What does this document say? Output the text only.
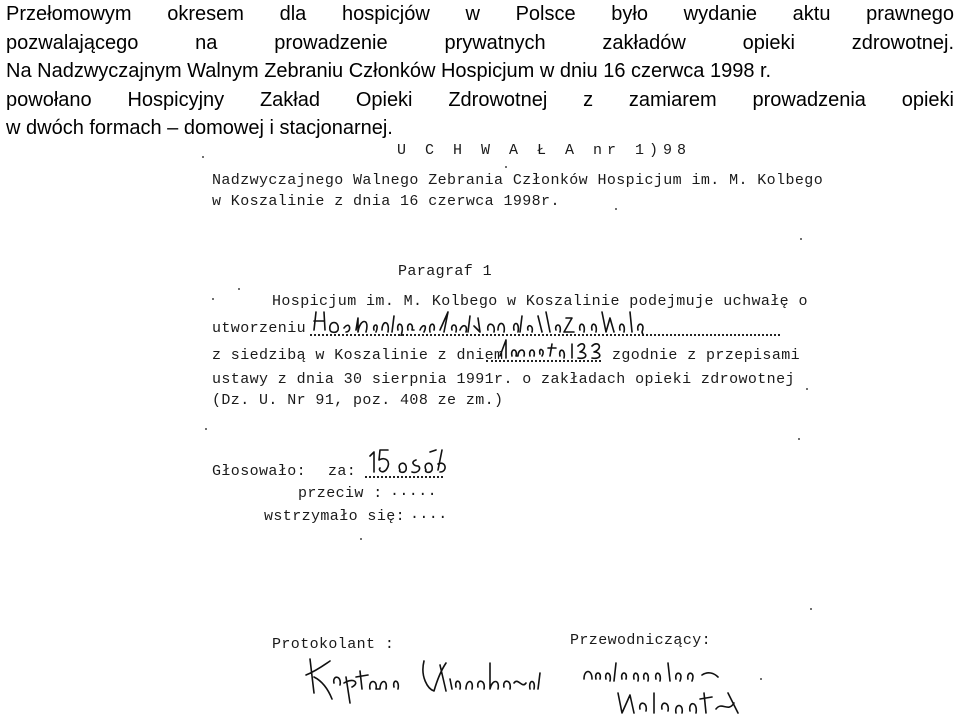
Przełomowym okresem dla hospicjów w Polsce było wydanie aktu prawnego
pozwalającego na prowadzenie prywatnych zakładów opieki zdrowotnej.
Na Nadzwyczajnym Walnym Zebraniu Członków Hospicjum w dniu 16 czerwca 1998 r.
powołano Hospicyjny Zakład Opieki Zdrowotnej z zamiarem prowadzenia opieki
w dwóch formach – domowej i stacjonarnej.

U C H W A Ł A nr 1)98

Nadzwyczajnego Walnego Zebrania Członków Hospicjum im. M. Kolbego

w Koszalinie z dnia 16 czerwca 1998r.

Paragraf 1

Hospicjum im. M. Kolbego w Koszalinie podejmuje uchwałę o

utworzeniu

z siedzibą w Koszalinie z dniem	zgodnie z przepisami

ustawy z dnia 30 sierpnia 1991r. o zakładach opieki zdrowotnej

(Dz. U. Nr 91, poz. 408 ze zm.)

Głosowało: za:

przeciw : .....

wstrzymało się: ....

Protokolant :	Przewodniczący:
